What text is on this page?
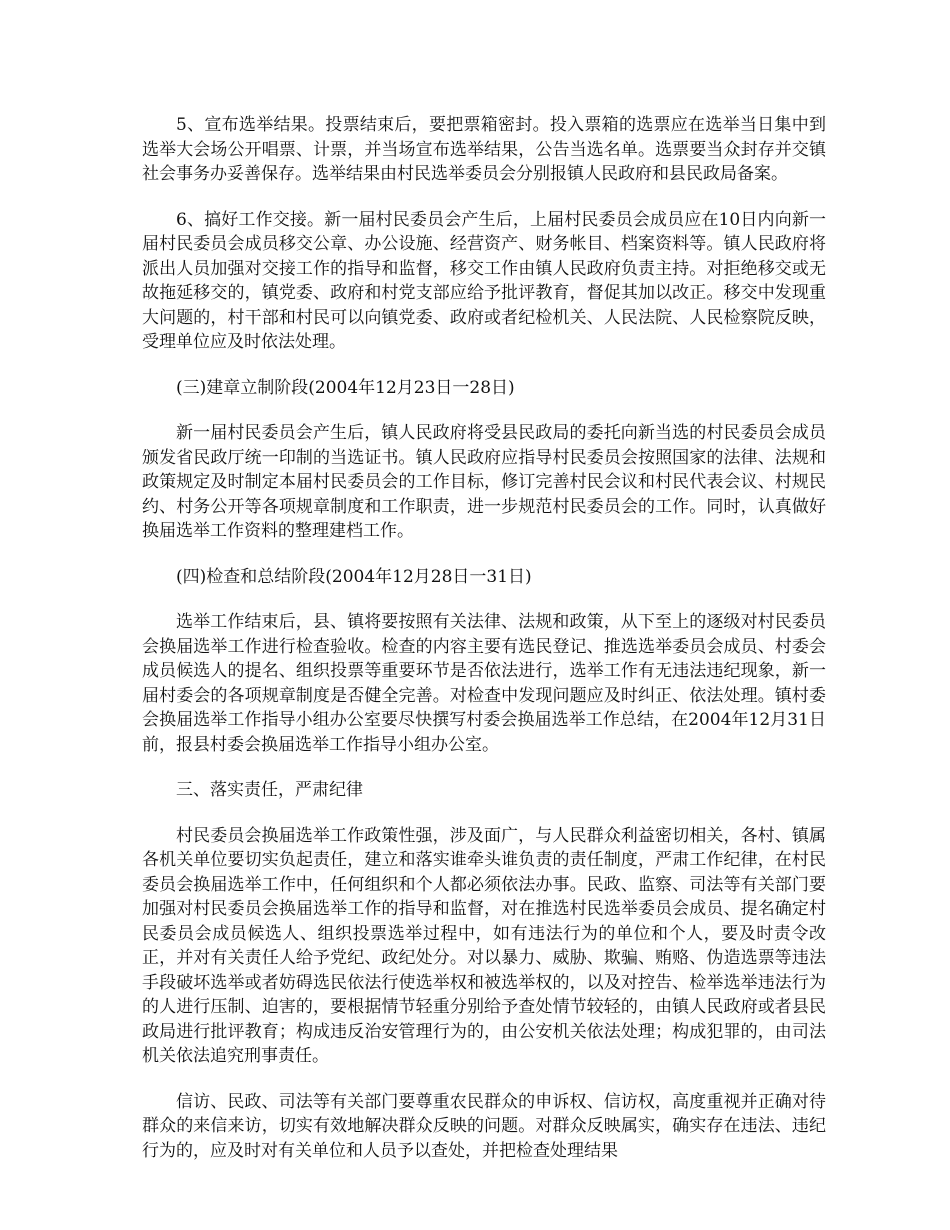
5、宣布选举结果。投票结束后，要把票箱密封。投入票箱的选票应在选举当日集中到选举大会场公开唱票、计票，并当场宣布选举结果，公告当选名单。选票要当众封存并交镇社会事务办妥善保存。选举结果由村民选举委员会分别报镇人民政府和县民政局备案。

6、搞好工作交接。新一届村民委员会产生后，上届村民委员会成员应在10日内向新一届村民委员会成员移交公章、办公设施、经营资产、财务帐目、档案资料等。镇人民政府将派出人员加强对交接工作的指导和监督，移交工作由镇人民政府负责主持。对拒绝移交或无故拖延移交的，镇党委、政府和村党支部应给予批评教育，督促其加以改正。移交中发现重大问题的，村干部和村民可以向镇党委、政府或者纪检机关、人民法院、人民检察院反映，受理单位应及时依法处理。

(三)建章立制阶段(2004年12月23日一28日)

新一届村民委员会产生后，镇人民政府将受县民政局的委托向新当选的村民委员会成员颁发省民政厅统一印制的当选证书。镇人民政府应指导村民委员会按照国家的法律、法规和政策规定及时制定本届村民委员会的工作目标，修订完善村民会议和村民代表会议、村规民约、村务公开等各项规章制度和工作职责，进一步规范村民委员会的工作。同时，认真做好换届选举工作资料的整理建档工作。

(四)检查和总结阶段(2004年12月28日一31日)

选举工作结束后，县、镇将要按照有关法律、法规和政策，从下至上的逐级对村民委员会换届选举工作进行检查验收。检查的内容主要有选民登记、推选选举委员会成员、村委会成员候选人的提名、组织投票等重要环节是否依法进行，选举工作有无违法违纪现象，新一届村委会的各项规章制度是否健全完善。对检查中发现问题应及时纠正、依法处理。镇村委会换届选举工作指导小组办公室要尽快撰写村委会换届选举工作总结，在2004年12月31日前，报县村委会换届选举工作指导小组办公室。

三、落实责任，严肃纪律

村民委员会换届选举工作政策性强，涉及面广，与人民群众利益密切相关，各村、镇属各机关单位要切实负起责任，建立和落实谁牵头谁负责的责任制度，严肃工作纪律，在村民委员会换届选举工作中，任何组织和个人都必须依法办事。民政、监察、司法等有关部门要加强对村民委员会换届选举工作的指导和监督，对在推选村民选举委员会成员、提名确定村民委员会成员候选人、组织投票选举过程中，如有违法行为的单位和个人，要及时责令改正，并对有关责任人给予党纪、政纪处分。对以暴力、威胁、欺骗、贿赂、伪造选票等违法手段破坏选举或者妨碍选民依法行使选举权和被选举权的，以及对控告、检举选举违法行为的人进行压制、迫害的，要根据情节轻重分别给予查处情节较轻的，由镇人民政府或者县民政局进行批评教育；构成违反治安管理行为的，由公安机关依法处理；构成犯罪的，由司法机关依法追究刑事责任。

信访、民政、司法等有关部门要尊重农民群众的申诉权、信访权，高度重视并正确对待群众的来信来访，切实有效地解决群众反映的问题。对群众反映属实，确实存在违法、违纪行为的，应及时对有关单位和人员予以查处，并把检查处理结果
